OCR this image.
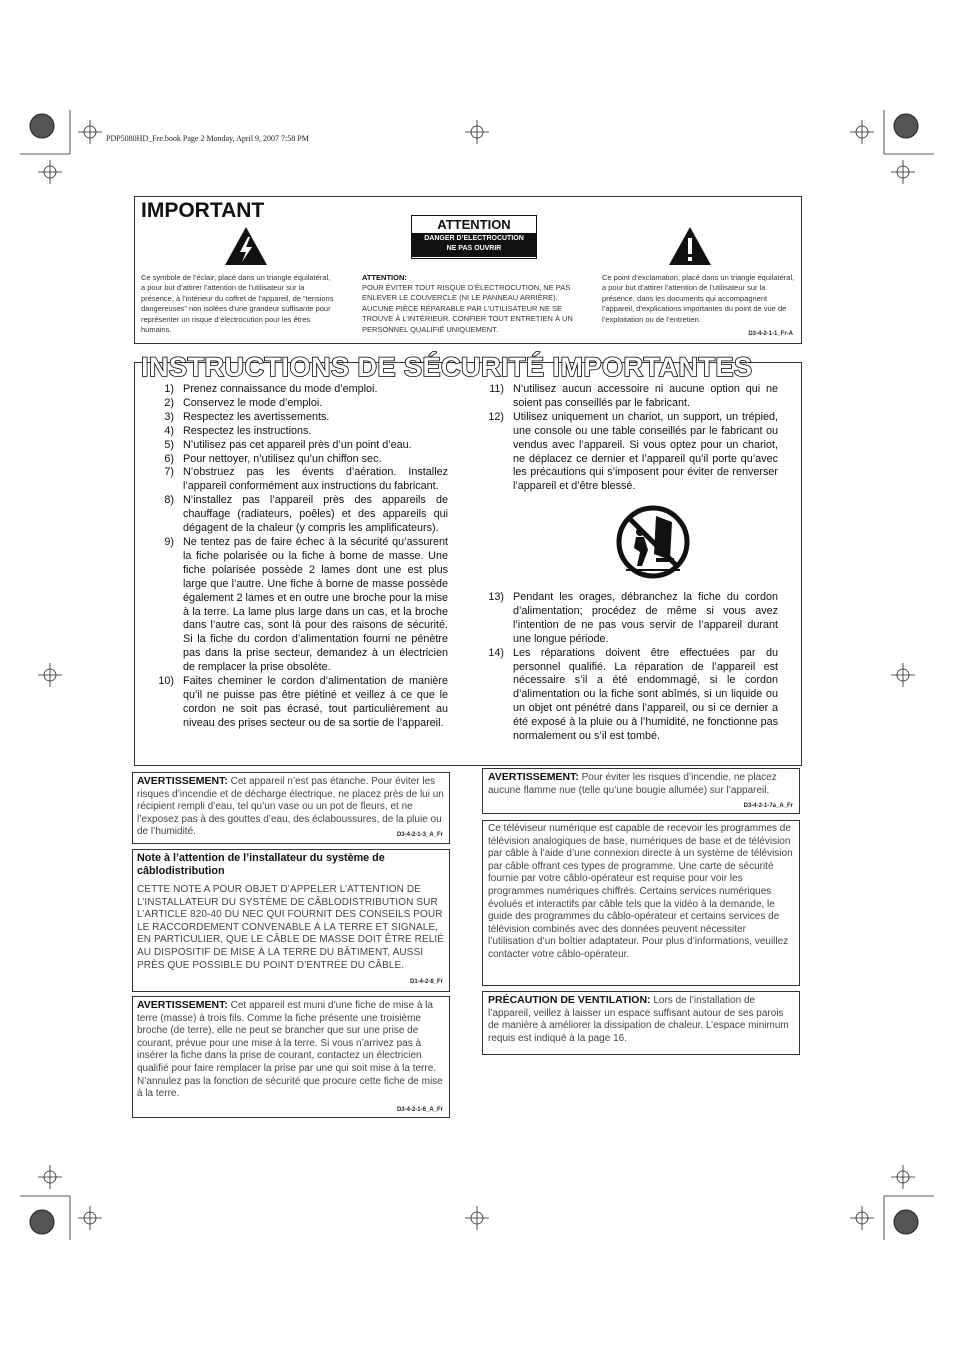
PDP5080HD_Fre.book Page 2 Monday, April 9, 2007 7:58 PM
IMPORTANT
ATTENTION
DANGER D’ELECTROCUTION
NE PAS OUVRIR
Ce symbole de l’éclair, placé dans un triangle équilatéral, a pour but d’attirer l’attention de l’utilisateur sur la présence, à l’intérieur du coffret de l’appareil, de “tensions dangereuses” non isolées d’une grandeur suffisante pour représenter un risque d’électrocution pour les êtres humains.
ATTENTION:
POUR ÉVITER TOUT RISQUE D’ÉLECTROCUTION, NE PAS ENLEVER LE COUVERCLE (NI LE PANNEAU ARRIÈRE). AUCUNE PIÈCE RÉPARABLE PAR L’UTILISATEUR NE SE TROUVE À L’INTÉRIEUR. CONFIER TOUT ENTRETIEN À UN PERSONNEL QUALIFIÉ UNIQUEMENT.
Ce point d’exclamation, placé dans un triangle équilatéral, a pour but d’attirer l’attention de l’utilisateur sur la présence, dans les documents qui accompagnent l’appareil, d’explications importantes du point de vue de l’exploitation ou de l’entretien.
D3-4-2-1-1_Fr-A
INSTRUCTIONS DE SÉCURITÉ IMPORTANTES
1) Prenez connaissance du mode d’emploi.
2) Conservez le mode d’emploi.
3) Respectez les avertissements.
4) Respectez les instructions.
5) N’utilisez pas cet appareil près d’un point d’eau.
6) Pour nettoyer, n’utilisez qu’un chiffon sec.
7) N’obstruez pas les évents d’aération. Installez l’appareil conformément aux instructions du fabricant.
8) N’installez pas l’appareil près des appareils de chauffage (radiateurs, poêles) et des appareils qui dégagent de la chaleur (y compris les amplificateurs).
9) Ne tentez pas de faire échec à la sécurité qu’assurent la fiche polarisée ou la fiche à borne de masse. Une fiche polarisée possède 2 lames dont une est plus large que l’autre. Une fiche à borne de masse possède également 2 lames et en outre une broche pour la mise à la terre. La lame plus large dans un cas, et la broche dans l’autre cas, sont là pour des raisons de sécurité. Si la fiche du cordon d’alimentation fourni ne pénètre pas dans la prise secteur, demandez à un électricien de remplacer la prise obsolète.
10) Faites cheminer le cordon d’alimentation de manière qu’il ne puisse pas être piétiné et veillez à ce que le cordon ne soit pas écrasé, tout particulièrement au niveau des prises secteur ou de sa sortie de l’appareil.
11) N’utilisez aucun accessoire ni aucune option qui ne soient pas conseillés par le fabricant.
12) Utilisez uniquement un chariot, un support, un trépied, une console ou une table conseillés par le fabricant ou vendus avec l’appareil. Si vous optez pour un chariot, ne déplacez ce dernier et l’appareil qu’il porte qu’avec les précautions qui s’imposent pour éviter de renverser l’appareil et d’être blessé.
13) Pendant les orages, débranchez la fiche du cordon d’alimentation; procédez de même si vous avez l’intention de ne pas vous servir de l’appareil durant une longue période.
14) Les réparations doivent être effectuées par du personnel qualifié. La réparation de l’appareil est nécessaire s’il a été endommagé, si le cordon d’alimentation ou la fiche sont abîmés, si un liquide ou un objet ont pénétré dans l’appareil, ou si ce dernier a été exposé à la pluie ou à l’humidité, ne fonctionne pas normalement ou s’il est tombé.
AVERTISSEMENT: Cet appareil n’est pas étanche. Pour éviter les risques d’incendie et de décharge électrique, ne placez près de lui un récipient rempli d’eau, tel qu’un vase ou un pot de fleurs, et ne l’exposez pas à des gouttes d’eau, des éclaboussures, de la pluie ou de l’humidité.	D3-4-2-1-3_A_Fr
Note à l’attention de l’installateur du système de câblodistribution
CETTE NOTE A POUR OBJET D’APPELER L’ATTENTION DE L’INSTALLATEUR DU SYSTÈME DE CÂBLODISTRIBUTION SUR L’ARTICLE 820-40 DU NEC QUI FOURNIT DES CONSEILS POUR LE RACCORDEMENT CONVENABLE À LA TERRE ET SIGNALE, EN PARTICULIER, QUE LE CÂBLE DE MASSE DOIT ÊTRE RELIÉ AU DISPOSITIF DE MISE À LA TERRE DU BÂTIMENT, AUSSI PRÈS QUE POSSIBLE DU POINT D’ENTRÉE DU CÂBLE.
D1-4-2-8_Fr
AVERTISSEMENT: Cet appareil est muni d’une fiche de mise à la terre (masse) à trois fils. Comme la fiche présente une troisième broche (de terre), elle ne peut se brancher que sur une prise de courant, prévue pour une mise à la terre. Si vous n’arrivez pas à insérer la fiche dans la prise de courant, contactez un électricien qualifié pour faire remplacer la prise par une qui soit mise à la terre. N’annulez pas la fonction de sécurité que procure cette fiche de mise à la terre.
D3-4-2-1-6_A_Fr
AVERTISSEMENT: Pour éviter les risques d’incendie, ne placez aucune flamme nue (telle qu’une bougie allumée) sur l’appareil.
D3-4-2-1-7a_A_Fr
Ce téléviseur numérique est capable de recevoir les programmes de télévision analogiques de base, numériques de base et de télévision par câble à l’aide d’une connexion directe à un système de télévision par câble offrant ces types de programme. Une carte de sécurité fournie par votre câblo-opérateur est requise pour voir les programmes numériques chiffrés. Certains services numériques évolués et interactifs par câble tels que la vidéo à la demande, le guide des programmes du câblo-opérateur et certains services de télévision combinés avec des données peuvent nécessiter l’utilisation d’un boîtier adaptateur. Pour plus d’informations, veuillez contacter votre câblo-opérateur.
PRÉCAUTION DE VENTILATION: Lors de l’installation de l’appareil, veillez à laisser un espace suffisant autour de ses parois de manière à améliorer la dissipation de chaleur. L’espace minimum requis est indiqué à la page 16.
